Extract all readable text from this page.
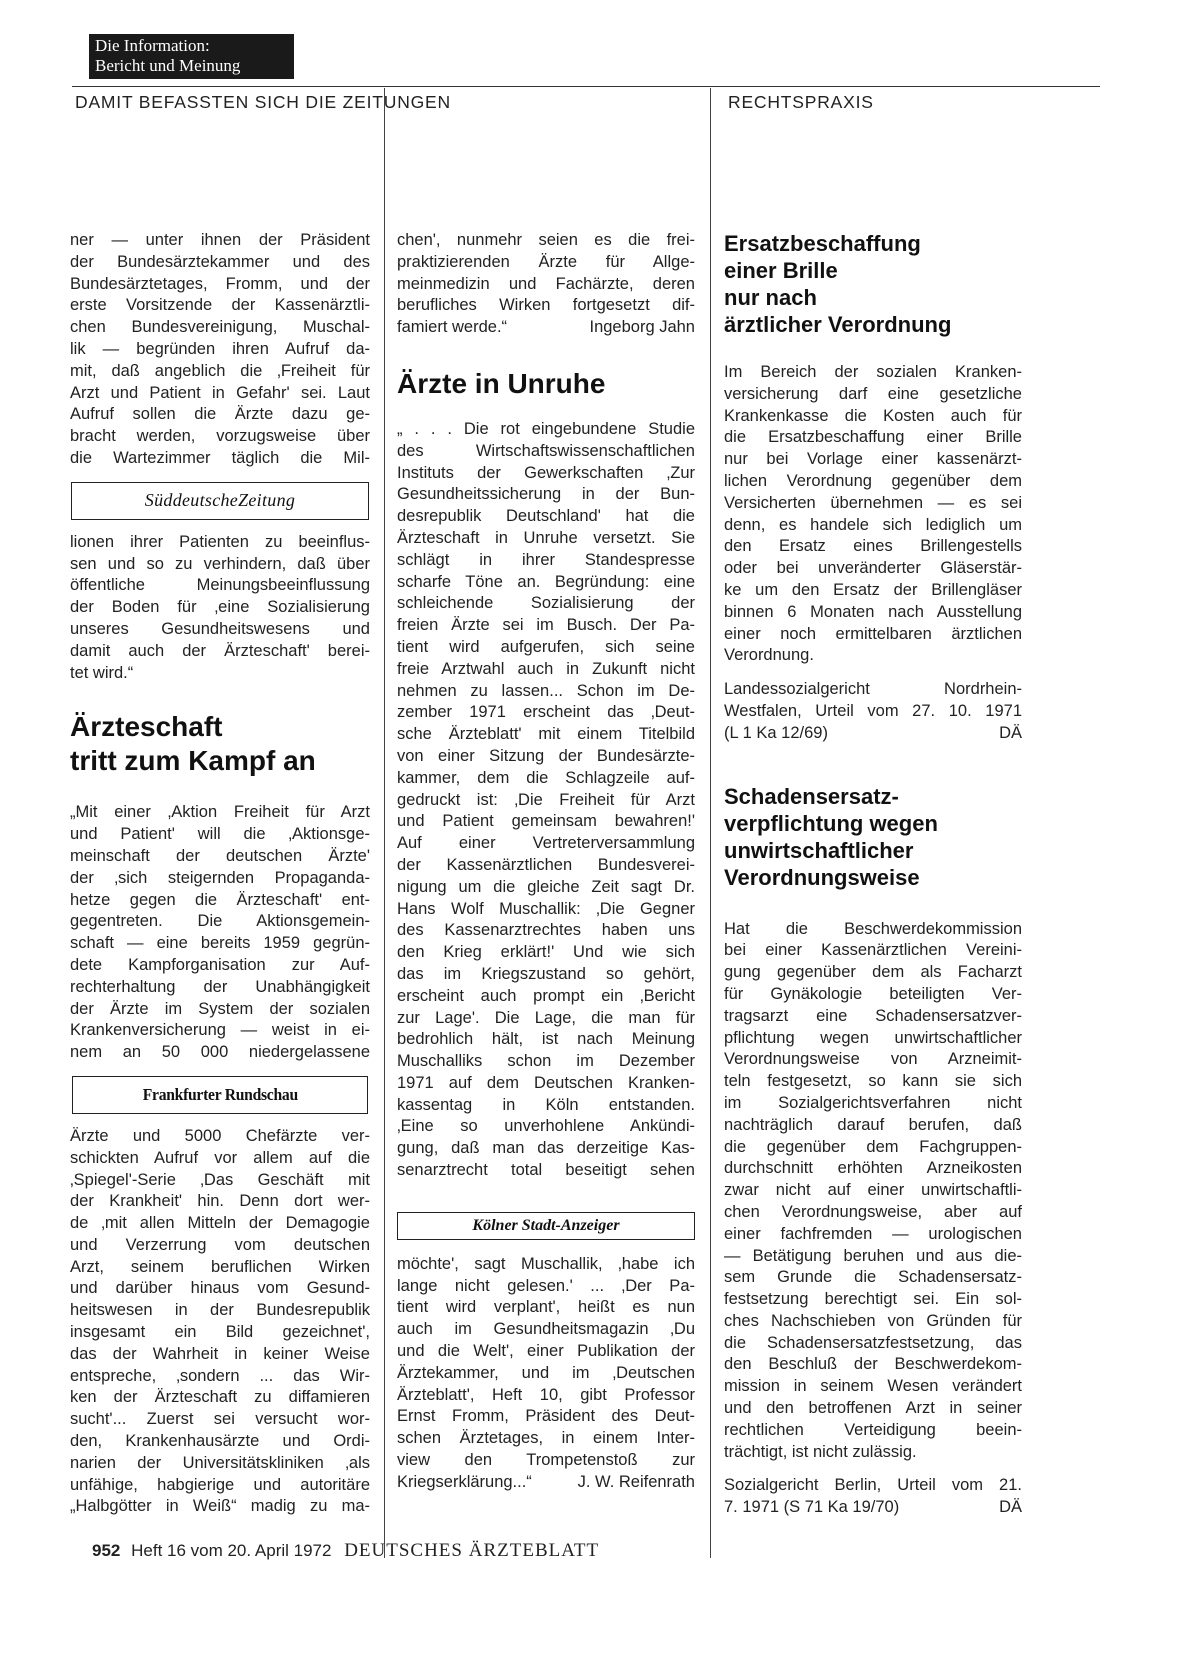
Die Information:
Bericht und Meinung
DAMIT BEFASSTEN SICH DIE ZEITUNGEN	RECHTSPRAXIS

ner — unter ihnen der Präsident

der Bundesärztekammer und des

Bundesärztetages, Fromm, und der

erste Vorsitzende der Kassenärztli-

chen Bundesvereinigung, Muschal-

lik — begründen ihren Aufruf da-

mit, daß angeblich die ‚Freiheit für

Arzt und Patient in Gefahr' sei. Laut

Aufruf sollen die Ärzte dazu ge-

bracht werden, vorzugsweise über

die Wartezimmer täglich die Mil-

SüddeutscheZeitung

lionen ihrer Patienten zu beeinflus-

sen und so zu verhindern, daß über

öffentliche Meinungsbeeinflussung

der Boden für ‚eine Sozialisierung

unseres Gesundheitswesens und

damit auch der Ärzteschaft' berei-

tet wird.“

Ärzteschaft
tritt zum Kampf an

„Mit einer ‚Aktion Freiheit für Arzt

und Patient' will die ‚Aktionsge-

meinschaft der deutschen Ärzte'

der ‚sich steigernden Propaganda-

hetze gegen die Ärzteschaft' ent-

gegentreten. Die Aktionsgemein-

schaft — eine bereits 1959 gegrün-

dete Kampforganisation zur Auf-

rechterhaltung der Unabhängigkeit

der Ärzte im System der sozialen

Krankenversicherung — weist in ei-

nem an 50 000 niedergelassene

Frankfurter Rundschau

Ärzte und 5000 Chefärzte ver-

schickten Aufruf vor allem auf die

‚Spiegel'-Serie ‚Das Geschäft mit

der Krankheit' hin. Denn dort wer-

de ‚mit allen Mitteln der Demagogie

und Verzerrung vom deutschen

Arzt, seinem beruflichen Wirken

und darüber hinaus vom Gesund-

heitswesen in der Bundesrepublik

insgesamt ein Bild gezeichnet',

das der Wahrheit in keiner Weise

entspreche, ‚sondern ... das Wir-

ken der Ärzteschaft zu diffamieren

sucht'... Zuerst sei versucht wor-

den, Krankenhausärzte und Ordi-

narien der Universitätskliniken ‚als

unfähige, habgierige und autoritäre

„Halbgötter in Weiß“ madig zu ma-

chen', nunmehr seien es die frei-

praktizierenden Ärzte für Allge-

meinmedizin und Fachärzte, deren

berufliches Wirken fortgesetzt dif-

famiert werde.“	Ingeborg Jahn

Ärzte in Unruhe

„ . . . Die rot eingebundene Studie

des Wirtschaftswissenschaftlichen

Instituts der Gewerkschaften ‚Zur

Gesundheitssicherung in der Bun-

desrepublik Deutschland' hat die

Ärzteschaft in Unruhe versetzt. Sie

schlägt in ihrer Standespresse

scharfe Töne an. Begründung: eine

schleichende Sozialisierung der

freien Ärzte sei im Busch. Der Pa-

tient wird aufgerufen, sich seine

freie Arztwahl auch in Zukunft nicht

nehmen zu lassen... Schon im De-

zember 1971 erscheint das ‚Deut-

sche Ärzteblatt' mit einem Titelbild

von einer Sitzung der Bundesärzte-

kammer, dem die Schlagzeile auf-

gedruckt ist: ‚Die Freiheit für Arzt

und Patient gemeinsam bewahren!'

Auf einer Vertreterversammlung

der Kassenärztlichen Bundesverei-

nigung um die gleiche Zeit sagt Dr.

Hans Wolf Muschallik: ‚Die Gegner

des Kassenarztrechtes haben uns

den Krieg erklärt!' Und wie sich

das im Kriegszustand so gehört,

erscheint auch prompt ein ‚Bericht

zur Lage'. Die Lage, die man für

bedrohlich hält, ist nach Meinung

Muschalliks schon im Dezember

1971 auf dem Deutschen Kranken-

kassentag in Köln entstanden.

‚Eine so unverhohlene Ankündi-

gung, daß man das derzeitige Kas-

senarztrecht total beseitigt sehen

Kölner Stadt-Anzeiger

möchte', sagt Muschallik, ‚habe ich

lange nicht gelesen.' ... ‚Der Pa-

tient wird verplant', heißt es nun

auch im Gesundheitsmagazin ‚Du

und die Welt', einer Publikation der

Ärztekammer, und im ‚Deutschen

Ärzteblatt', Heft 10, gibt Professor

Ernst Fromm, Präsident des Deut-

schen Ärztetages, in einem Inter-

view den Trompetenstoß zur

Kriegserklärung...“	J. W. Reifenrath

Ersatzbeschaffung
einer Brille
nur nach
ärztlicher Verordnung

Im Bereich der sozialen Kranken-

versicherung darf eine gesetzliche

Krankenkasse die Kosten auch für

die Ersatzbeschaffung einer Brille

nur bei Vorlage einer kassenärzt-

lichen Verordnung gegenüber dem

Versicherten übernehmen — es sei

denn, es handele sich lediglich um

den Ersatz eines Brillengestells

oder bei unveränderter Gläserstär-

ke um den Ersatz der Brillengläser

binnen 6 Monaten nach Ausstellung

einer noch ermittelbaren ärztlichen

Verordnung.

Landessozialgericht Nordrhein-

Westfalen, Urteil vom 27. 10. 1971

(L 1 Ka 12/69)	DÄ

Schadensersatz-
verpflichtung wegen
unwirtschaftlicher
Verordnungsweise

Hat die Beschwerdekommission

bei einer Kassenärztlichen Vereini-

gung gegenüber dem als Facharzt

für Gynäkologie beteiligten Ver-

tragsarzt eine Schadensersatzver-

pflichtung wegen unwirtschaftlicher

Verordnungsweise von Arzneimit-

teln festgesetzt, so kann sie sich

im Sozialgerichtsverfahren nicht

nachträglich darauf berufen, daß

die gegenüber dem Fachgruppen-

durchschnitt erhöhten Arzneikosten

zwar nicht auf einer unwirtschaftli-

chen Verordnungsweise, aber auf

einer fachfremden — urologischen

— Betätigung beruhen und aus die-

sem Grunde die Schadensersatz-

festsetzung berechtigt sei. Ein sol-

ches Nachschieben von Gründen für

die Schadensersatzfestsetzung, das

den Beschluß der Beschwerdekom-

mission in seinem Wesen verändert

und den betroffenen Arzt in seiner

rechtlichen Verteidigung beein-

trächtigt, ist nicht zulässig.

Sozialgericht Berlin, Urteil vom 21.

7. 1971 (S 71 Ka 19/70)	DÄ

952 Heft 16 vom 20. April 1972 DEUTSCHES ÄRZTEBLATT
